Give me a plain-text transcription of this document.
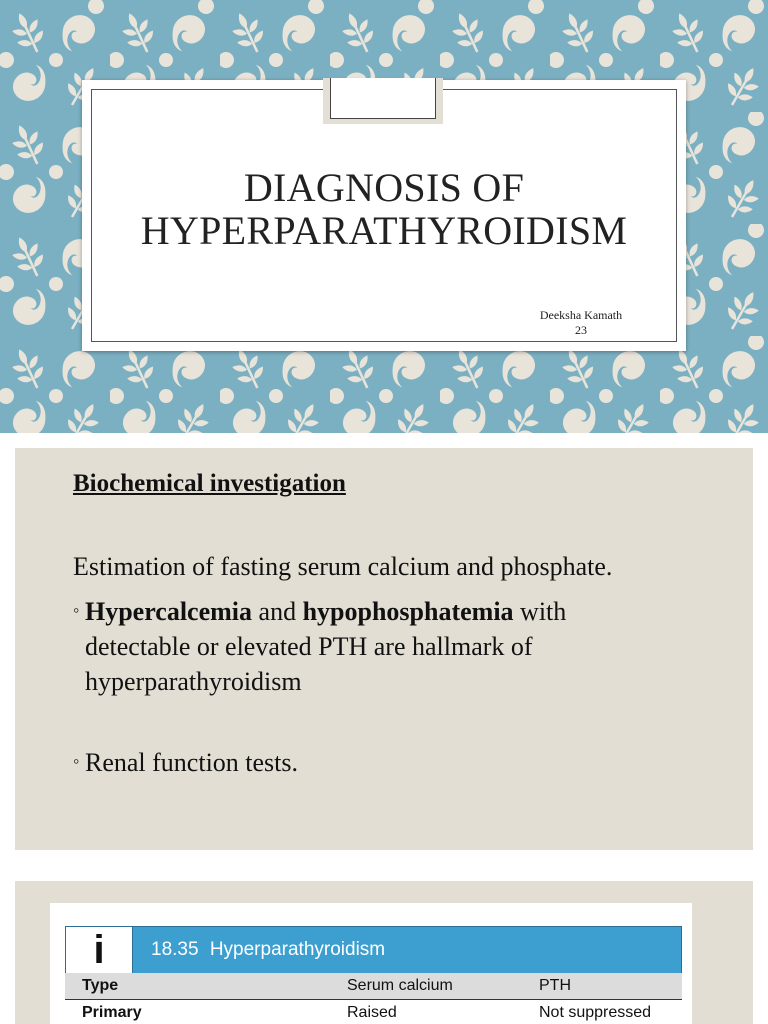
DIAGNOSIS OF
HYPERPARATHYROIDISM
Deeksha Kamath
23
Biochemical investigation
Estimation of fasting serum calcium and phosphate.
◦ Hypercalcemia and hypophosphatemia with
detectable or elevated PTH are hallmark of
hyperparathyroidism
◦ Renal function tests.
i	18.35 Hyperparathyroidism
Type	Serum calcium	PTH
Primary	Raised	Not suppressed
